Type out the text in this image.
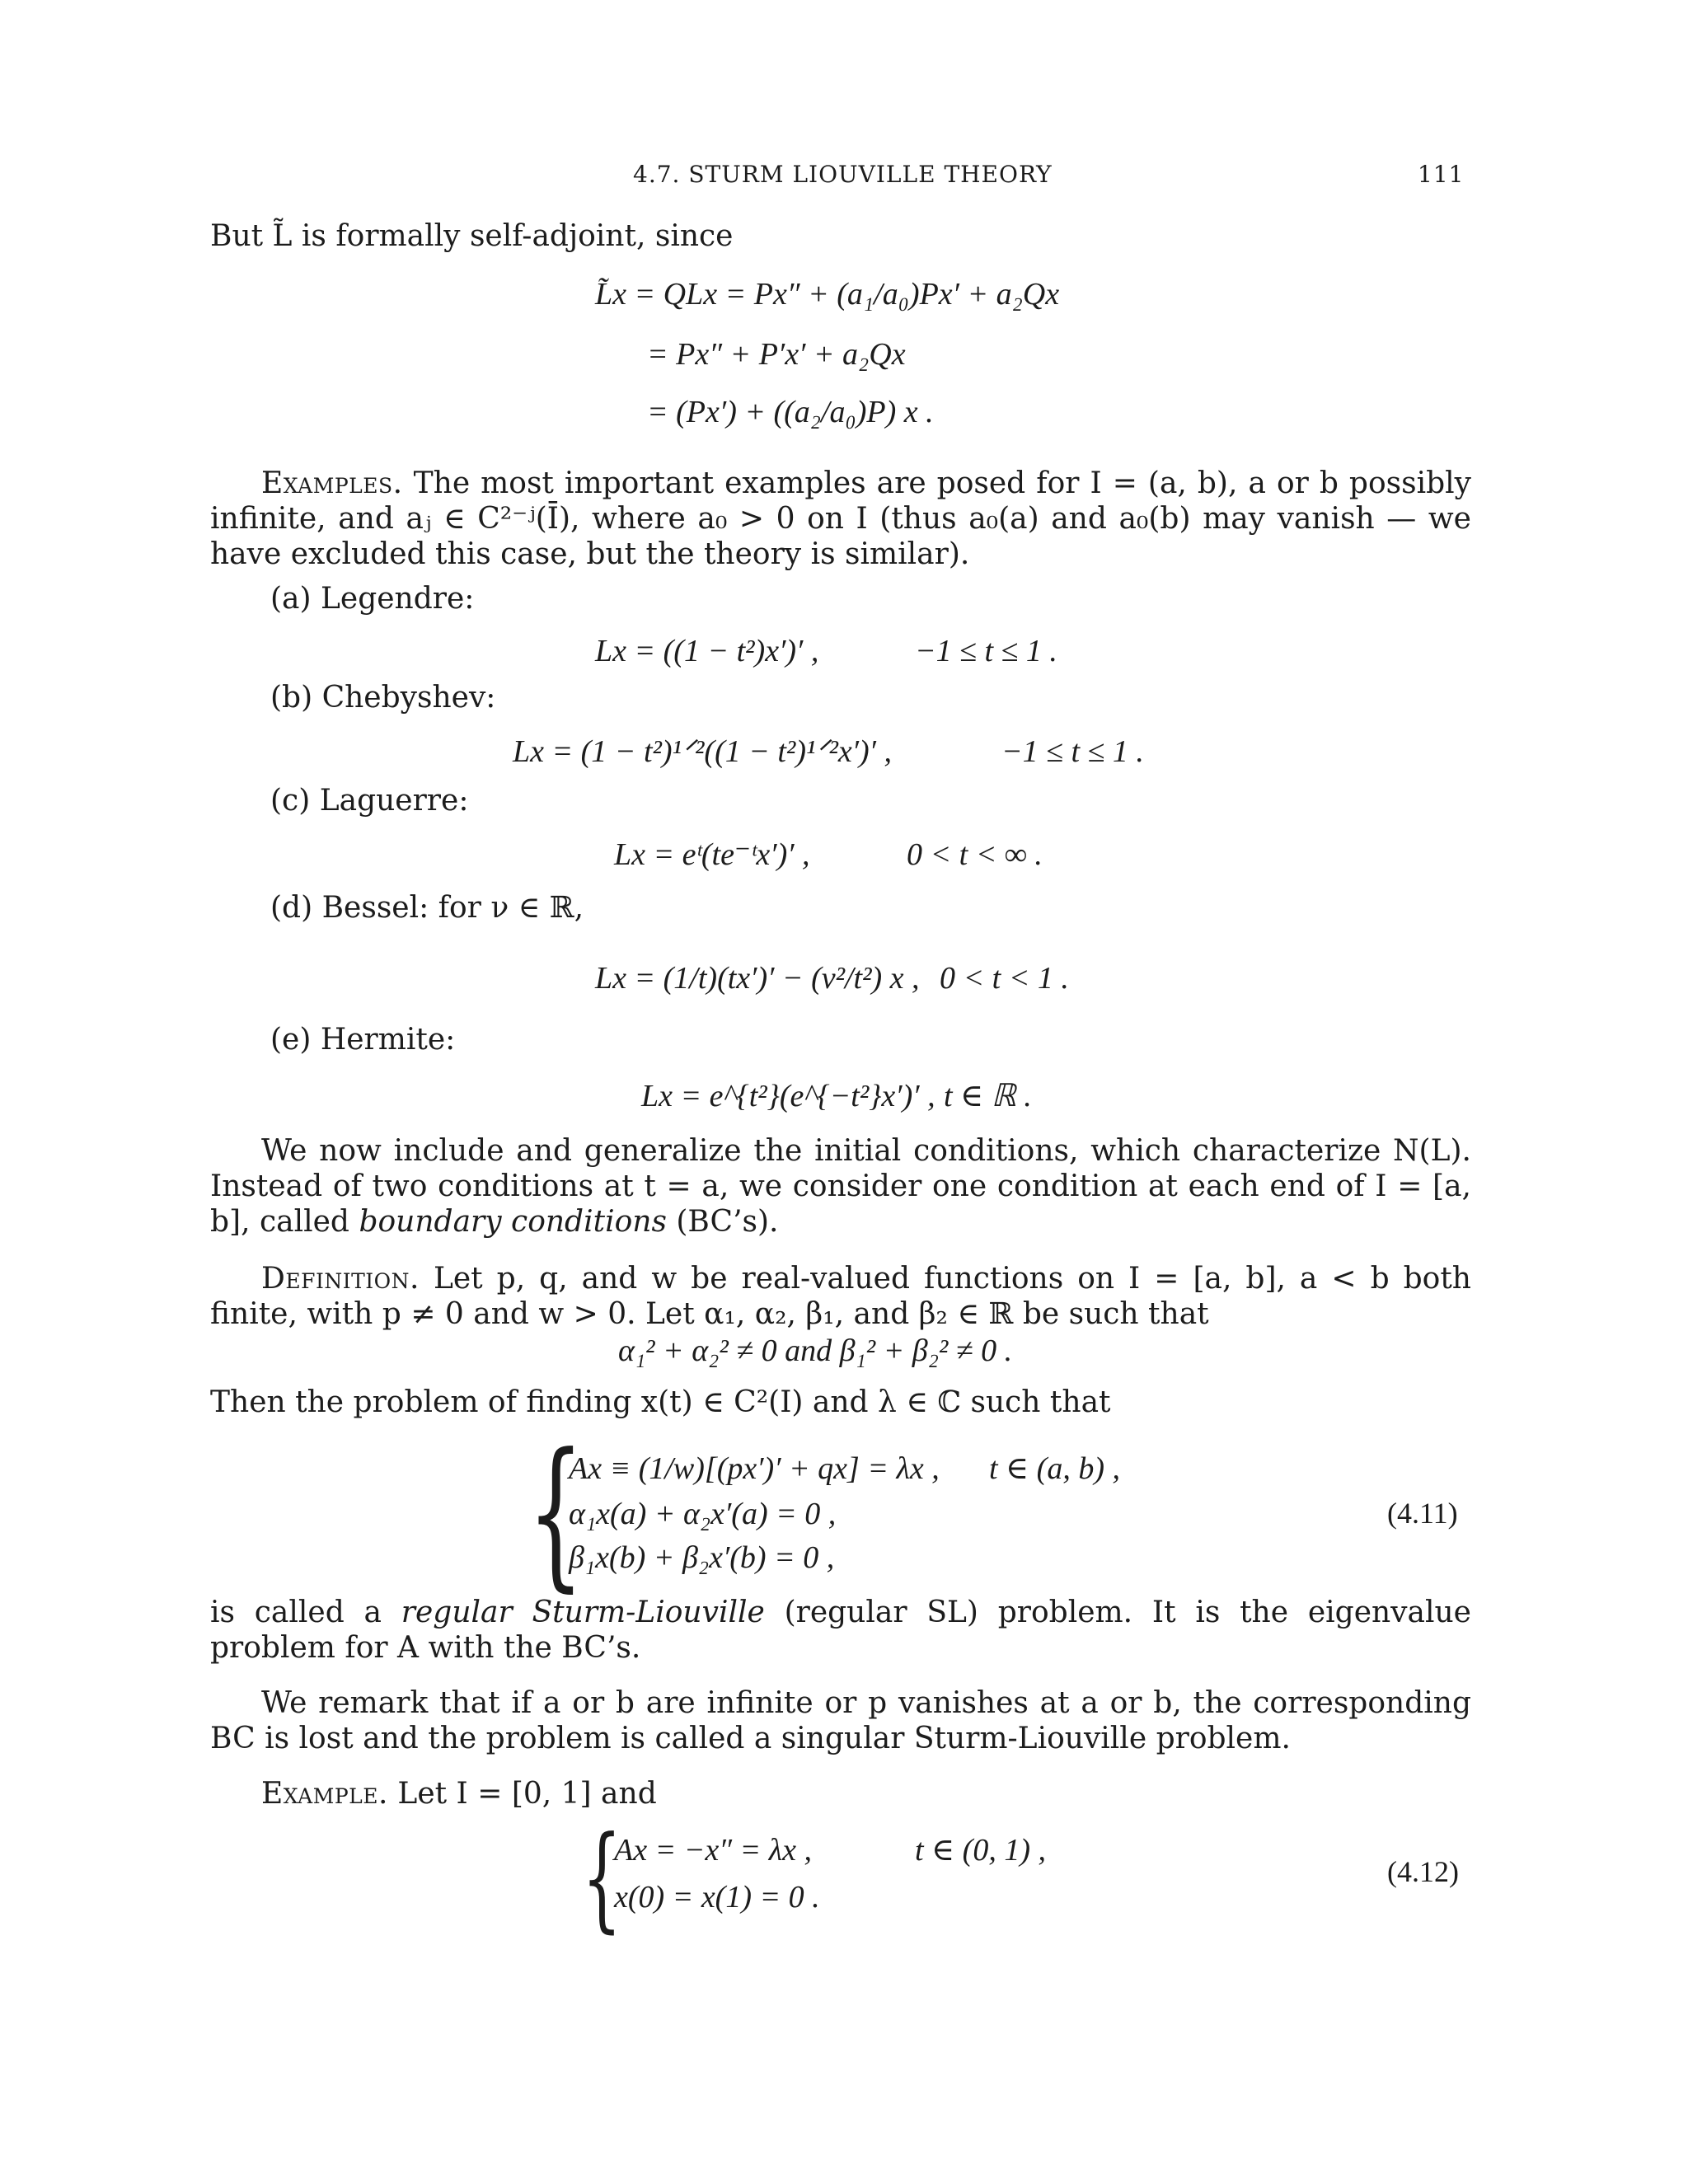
4.7. STURM LIOUVILLE THEORY	111
But L̃ is formally self-adjoint, since
L̃x = QLx = Px″ + (a₁/a₀)Px′ + a₂Qx
= Px″ + P′x′ + a₂Qx
= (Px′) + ((a₂/a₀)P) x .
Examples. The most important examples are posed for I = (a, b), a or b possibly infinite, and aⱼ ∈ C²⁻ʲ(Ī), where a₀ > 0 on I (thus a₀(a) and a₀(b) may vanish — we have excluded this case, but the theory is similar).
(a) Legendre:
Lx = ((1 − t²)x′)′ ,	−1 ≤ t ≤ 1 .
(b) Chebyshev:
Lx = (1 − t²)¹ᐟ²((1 − t²)¹ᐟ²x′)′ ,	−1 ≤ t ≤ 1 .
(c) Laguerre:
Lx = eᵗ(te⁻ᵗx′)′ ,	0 < t < ∞ .
(d) Bessel: for ν ∈ ℝ,
Lx = (1/t)(tx′)′ − (ν²/t²) x , 0 < t < 1 .
(e) Hermite:
Lx = e^{t²}(e^{−t²}x′)′ , t ∈ ℝ .
We now include and generalize the initial conditions, which characterize N(L). Instead of two conditions at t = a, we consider one condition at each end of I = [a, b], called boundary conditions (BC’s).
Definition. Let p, q, and w be real-valued functions on I = [a, b], a < b both finite, with p ≠ 0 and w > 0. Let α₁, α₂, β₁, and β₂ ∈ ℝ be such that
α₁² + α₂² ≠ 0 and β₁² + β₂² ≠ 0 .
Then the problem of finding x(t) ∈ C²(I) and λ ∈ ℂ such that
{
Ax ≡ (1/w)[(px′)′ + qx] = λx , t ∈ (a, b) ,
α₁x(a) + α₂x′(a) = 0 ,
β₁x(b) + β₂x′(b) = 0 ,
(4.11)
is called a regular Sturm-Liouville (regular SL) problem. It is the eigenvalue problem for A with the BC’s.
We remark that if a or b are infinite or p vanishes at a or b, the corresponding BC is lost and the problem is called a singular Sturm-Liouville problem.
Example. Let I = [0, 1] and
{
Ax = −x″ = λx ,	t ∈ (0, 1) ,
x(0) = x(1) = 0 .
(4.12)
